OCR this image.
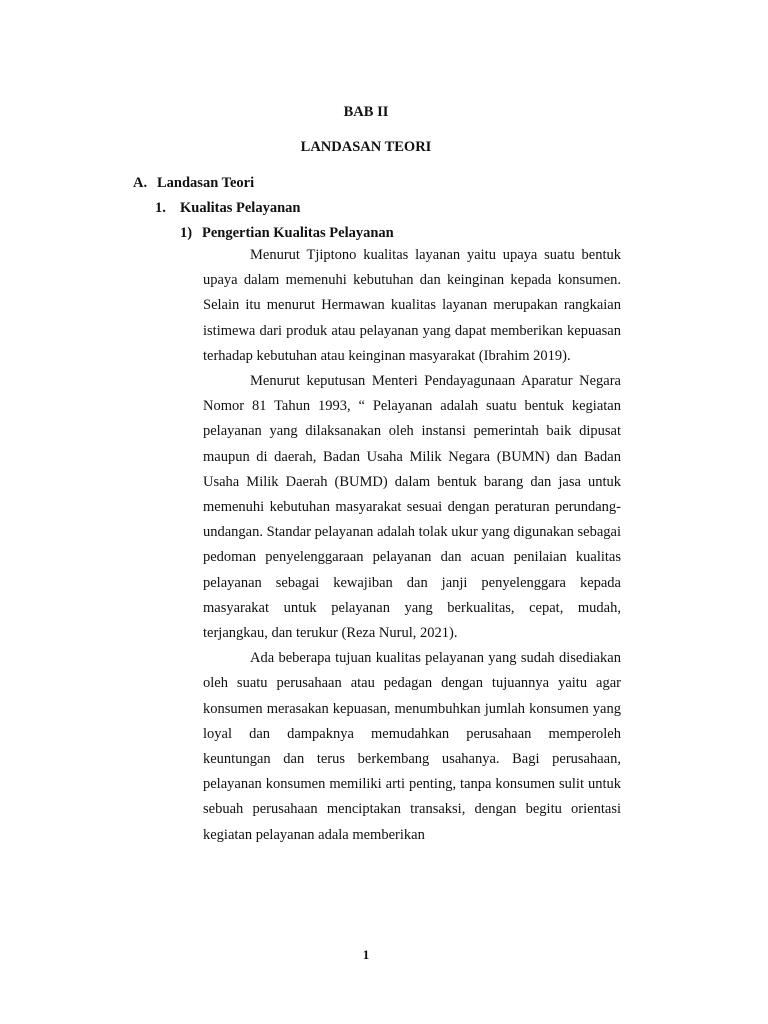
BAB II
LANDASAN TEORI
A. Landasan Teori
1. Kualitas Pelayanan
1) Pengertian Kualitas Pelayanan

Menurut Tjiptono kualitas layanan yaitu upaya suatu bentuk upaya dalam memenuhi kebutuhan dan keinginan kepada konsumen. Selain itu menurut Hermawan kualitas layanan merupakan rangkaian istimewa dari produk atau pelayanan yang dapat memberikan kepuasan terhadap kebutuhan atau keinginan masyarakat (Ibrahim 2019).

Menurut keputusan Menteri Pendayagunaan Aparatur Negara Nomor 81 Tahun 1993, “ Pelayanan adalah suatu bentuk kegiatan pelayanan yang dilaksanakan oleh instansi pemerintah baik dipusat maupun di daerah, Badan Usaha Milik Negara (BUMN) dan Badan Usaha Milik Daerah (BUMD) dalam bentuk barang dan jasa untuk memenuhi kebutuhan masyarakat sesuai dengan peraturan perundang-undangan. Standar pelayanan adalah tolak ukur yang digunakan sebagai pedoman penyelenggaraan pelayanan dan acuan penilaian kualitas pelayanan sebagai kewajiban dan janji penyelenggara kepada masyarakat untuk pelayanan yang berkualitas, cepat, mudah, terjangkau, dan terukur (Reza Nurul, 2021).

Ada beberapa tujuan kualitas pelayanan yang sudah disediakan oleh suatu perusahaan atau pedagan dengan tujuannya yaitu agar konsumen merasakan kepuasan, menumbuhkan jumlah konsumen yang loyal dan dampaknya memudahkan perusahaan memperoleh keuntungan dan terus berkembang usahanya. Bagi perusahaan, pelayanan konsumen memiliki arti penting, tanpa konsumen sulit untuk sebuah perusahaan menciptakan transaksi, dengan begitu orientasi kegiatan pelayanan adala memberikan

1
